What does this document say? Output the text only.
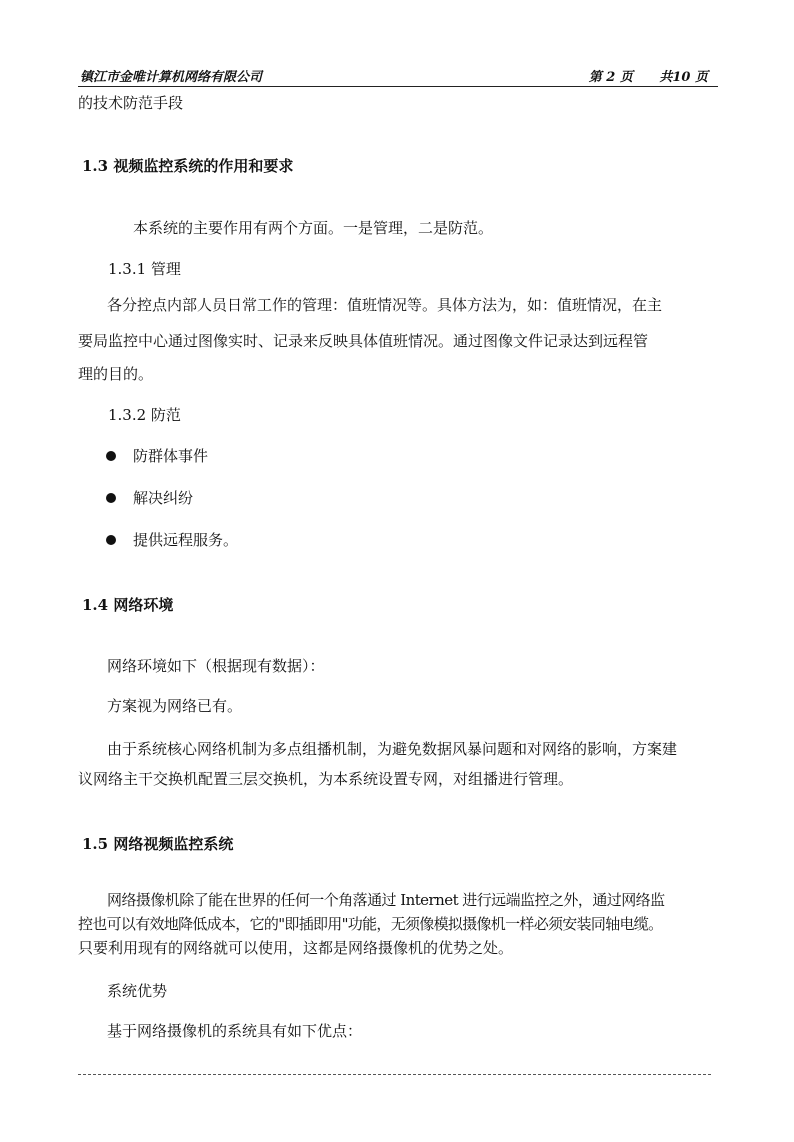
镇江市金唯计算机网络有限公司	第 2 页 共10 页
的技术防范手段
1.3 视频监控系统的作用和要求
本系统的主要作用有两个方面。一是管理，二是防范。
1.3.1 管理
各分控点内部人员日常工作的管理：值班情况等。具体方法为，如：值班情况，在主
要局监控中心通过图像实时、记录来反映具体值班情况。通过图像文件记录达到远程管
理的目的。
1.3.2 防范
防群体事件
解决纠纷
提供远程服务。
1.4 网络环境
网络环境如下（根据现有数据）：
方案视为网络已有。
由于系统核心网络机制为多点组播机制，为避免数据风暴问题和对网络的影响，方案建
议网络主干交换机配置三层交换机，为本系统设置专网，对组播进行管理。
1.5 网络视频监控系统
网络摄像机除了能在世界的任何一个角落通过 Internet 进行远端监控之外，通过网络监
控也可以有效地降低成本，它的"即插即用"功能，无须像模拟摄像机一样必须安装同轴电缆。
只要利用现有的网络就可以使用，这都是网络摄像机的优势之处。
系统优势
基于网络摄像机的系统具有如下优点：
